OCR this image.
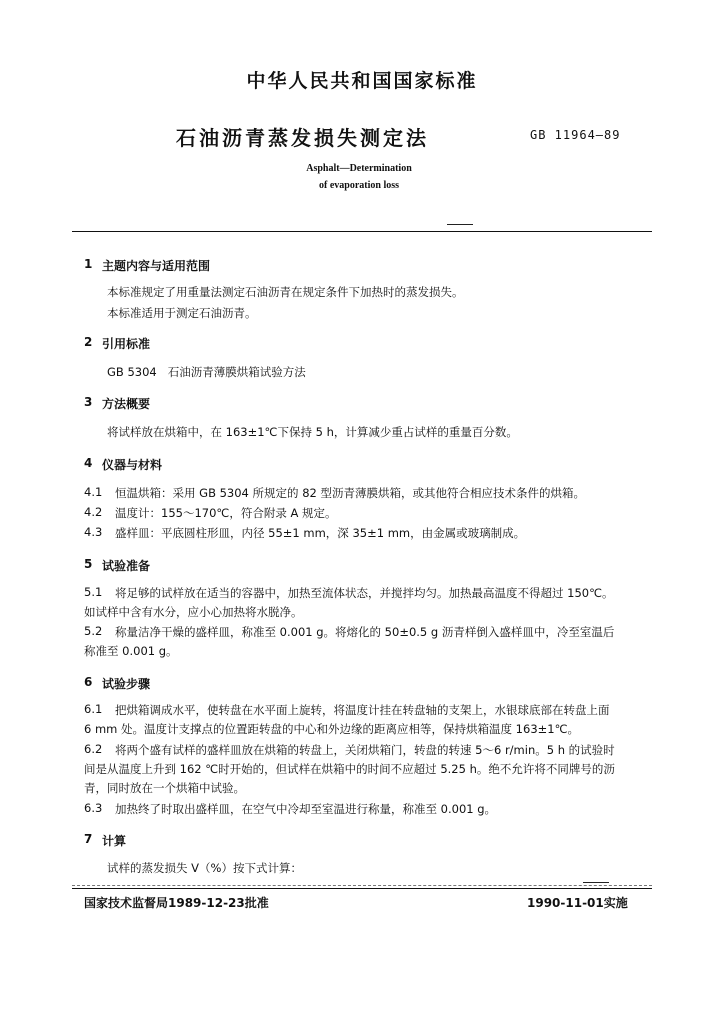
中华人民共和国国家标准
石油沥青蒸发损失测定法	GB 11964—89
Asphalt—Determination
of evaporation loss
1 主题内容与适用范围
本标准规定了用重量法测定石油沥青在规定条件下加热时的蒸发损失。
本标准适用于测定石油沥青。
2 引用标准
GB 5304   石油沥青薄膜烘箱试验方法
3 方法概要
将试样放在烘箱中，在 163±1℃下保持 5 h，计算减少重占试样的重量百分数。
4 仪器与材料
4.1 恒温烘箱：采用 GB 5304 所规定的 82 型沥青薄膜烘箱，或其他符合相应技术条件的烘箱。
4.2 温度计：155～170℃，符合附录 A 规定。
4.3 盛样皿：平底圆柱形皿，内径 55±1 mm，深 35±1 mm，由金属或玻璃制成。
5 试验准备
5.1 将足够的试样放在适当的容器中，加热至流体状态，并搅拌均匀。加热最高温度不得超过 150℃。
如试样中含有水分，应小心加热将水脱净。
5.2 称量洁净干燥的盛样皿，称准至 0.001 g。将熔化的 50±0.5 g 沥青样倒入盛样皿中，冷至室温后
称准至 0.001 g。
6 试验步骤
6.1 把烘箱调成水平，使转盘在水平面上旋转，将温度计挂在转盘轴的支架上，水银球底部在转盘上面
6 mm 处。温度计支撑点的位置距转盘的中心和外边缘的距离应相等，保持烘箱温度 163±1℃。
6.2 将两个盛有试样的盛样皿放在烘箱的转盘上，关闭烘箱门，转盘的转速 5～6 r/min。5 h 的试验时
间是从温度上升到 162 ℃时开始的，但试样在烘箱中的时间不应超过 5.25 h。绝不允许将不同牌号的沥
青，同时放在一个烘箱中试验。
6.3 加热终了时取出盛样皿，在空气中冷却至室温进行称量，称准至 0.001 g。
7 计算
试样的蒸发损失 V（%）按下式计算：
国家技术监督局1989-12-23批准	1990-11-01实施
